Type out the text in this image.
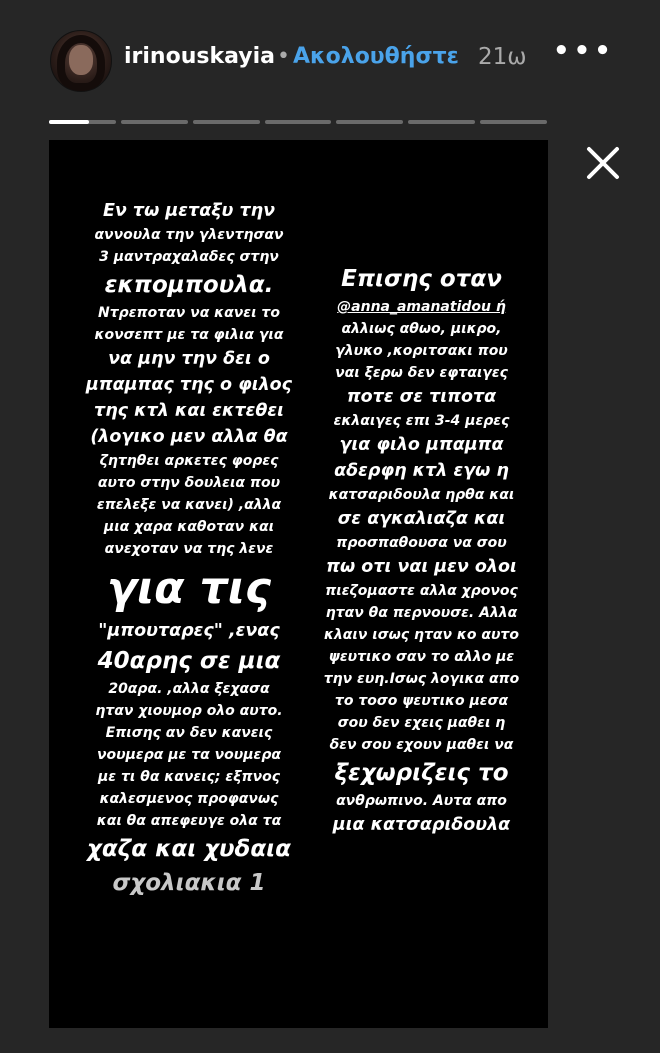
irinouskayia • Ακολουθήστε 21ω •••
Εν τω μεταξυ την
αννουλα την γλεντησαν
3 μαντραχαλαδες στην
εκπομπουλα.
Ντρεποταν να κανει το
κονσεπτ με τα φιλια για
να μην την δει ο
μπαμπας της ο φιλος
της κτλ και εκτεθει
(λογικο μεν αλλα θα
ζητηθει αρκετες φορες
αυτο στην δουλεια που
επελεξε να κανει) ,αλλα
μια χαρα καθοταν και
ανεχοταν να της λενε
για τις
"μπουταρες" ,ενας
40αρης σε μια
20αρα. ,αλλα ξεχασα
ηταν χιουμορ ολο αυτο.
Επισης αν δεν κανεις
νουμερα με τα νουμερα
με τι θα κανεις; εξπνος
καλεσμενος προφανως
και θα απεφευγε ολα τα
χαζα και χυδαια
σχολιακια 1
Επισης οταν
@anna_amanatidou ή
αλλιως αθωο, μικρο,
γλυκο ,κοριτσακι που
ναι ξερω δεν εφταιγες
ποτε σε τιποτα
εκλαιγες επι 3-4 μερες
για φιλο μπαμπα
αδερφη κτλ εγω η
κατσαριδουλα ηρθα και
σε αγκαλιαζα και
προσπαθουσα να σου
πω οτι ναι μεν ολοι
πιεζομαστε αλλα χρονος
ηταν θα περνουσε. Αλλα
κλαιν ισως ηταν κο αυτο
ψευτικο σαν το αλλο με
την ευη.Ισως λογικα απο
το τοσο ψευτικο μεσα
σου δεν εχεις μαθει η
δεν σου εχουν μαθει να
ξεχωριζεις το
ανθρωπινο. Αυτα απο
μια κατσαριδουλα
